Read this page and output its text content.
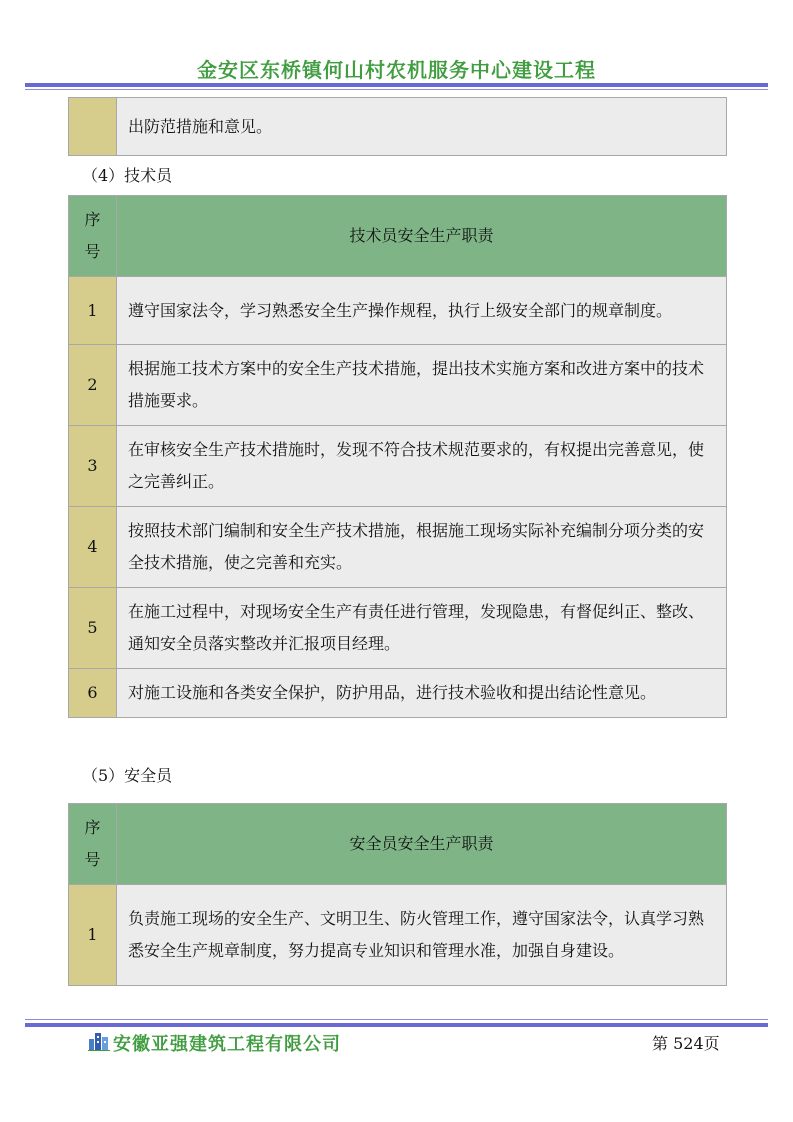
金安区东桥镇何山村农机服务中心建设工程
	出防范措施和意见。
（4）技术员
序
号	技术员安全生产职责
1	遵守国家法令，学习熟悉安全生产操作规程，执行上级安全部门的规章制度。
2	根据施工技术方案中的安全生产技术措施，提出技术实施方案和改进方案中的技术措施要求。
3	在审核安全生产技术措施时，发现不符合技术规范要求的，有权提出完善意见，使之完善纠正。
4	按照技术部门编制和安全生产技术措施，根据施工现场实际补充编制分项分类的安全技术措施，使之完善和充实。
5	在施工过程中，对现场安全生产有责任进行管理，发现隐患，有督促纠正、整改、通知安全员落实整改并汇报项目经理。
6	对施工设施和各类安全保护，防护用品，进行技术验收和提出结论性意见。
（5）安全员
序
号	安全员安全生产职责
1	负责施工现场的安全生产、文明卫生、防火管理工作，遵守国家法令，认真学习熟悉安全生产规章制度，努力提高专业知识和管理水准，加强自身建设。
安徽亚强建筑工程有限公司	第 524页
